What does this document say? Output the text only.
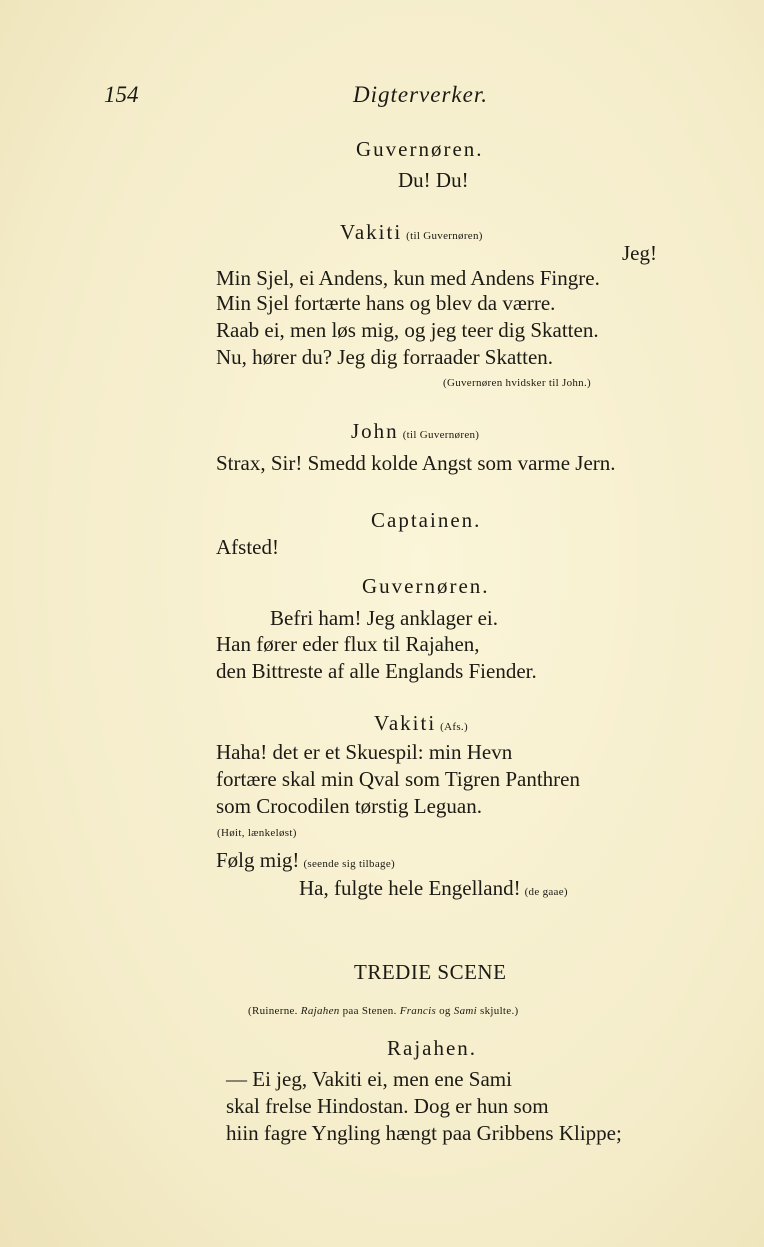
154	Digterverker.
Guvernøren.
Du! Du!
Vakiti (til Guvernøren)
Jeg!
Min Sjel, ei Andens, kun med Andens Fingre.
Min Sjel fortærte hans og blev da værre.
Raab ei, men løs mig, og jeg teer dig Skatten.
Nu, hører du? Jeg dig forraader Skatten.
(Guvernøren hvidsker til John.)
John (til Guvernøren)
Strax, Sir! Smedd kolde Angst som varme Jern.
Captainen.
Afsted!
Guvernøren.
Befri ham! Jeg anklager ei.
Han fører eder flux til Rajahen,
den Bittreste af alle Englands Fiender.
Vakiti (Afs.)
Haha! det er et Skuespil: min Hevn
fortære skal min Qval som Tigren Panthren
som Crocodilen tørstig Leguan.
(Høit, lænkeløst)
Følg mig! (seende sig tilbage)
Ha, fulgte hele Engelland! (de gaae)
TREDIE SCENE
(Ruinerne. Rajahen paa Stenen. Francis og Sami skjulte.)
Rajahen.
— Ei jeg, Vakiti ei, men ene Sami
skal frelse Hindostan. Dog er hun som
hiin fagre Yngling hængt paa Gribbens Klippe;
